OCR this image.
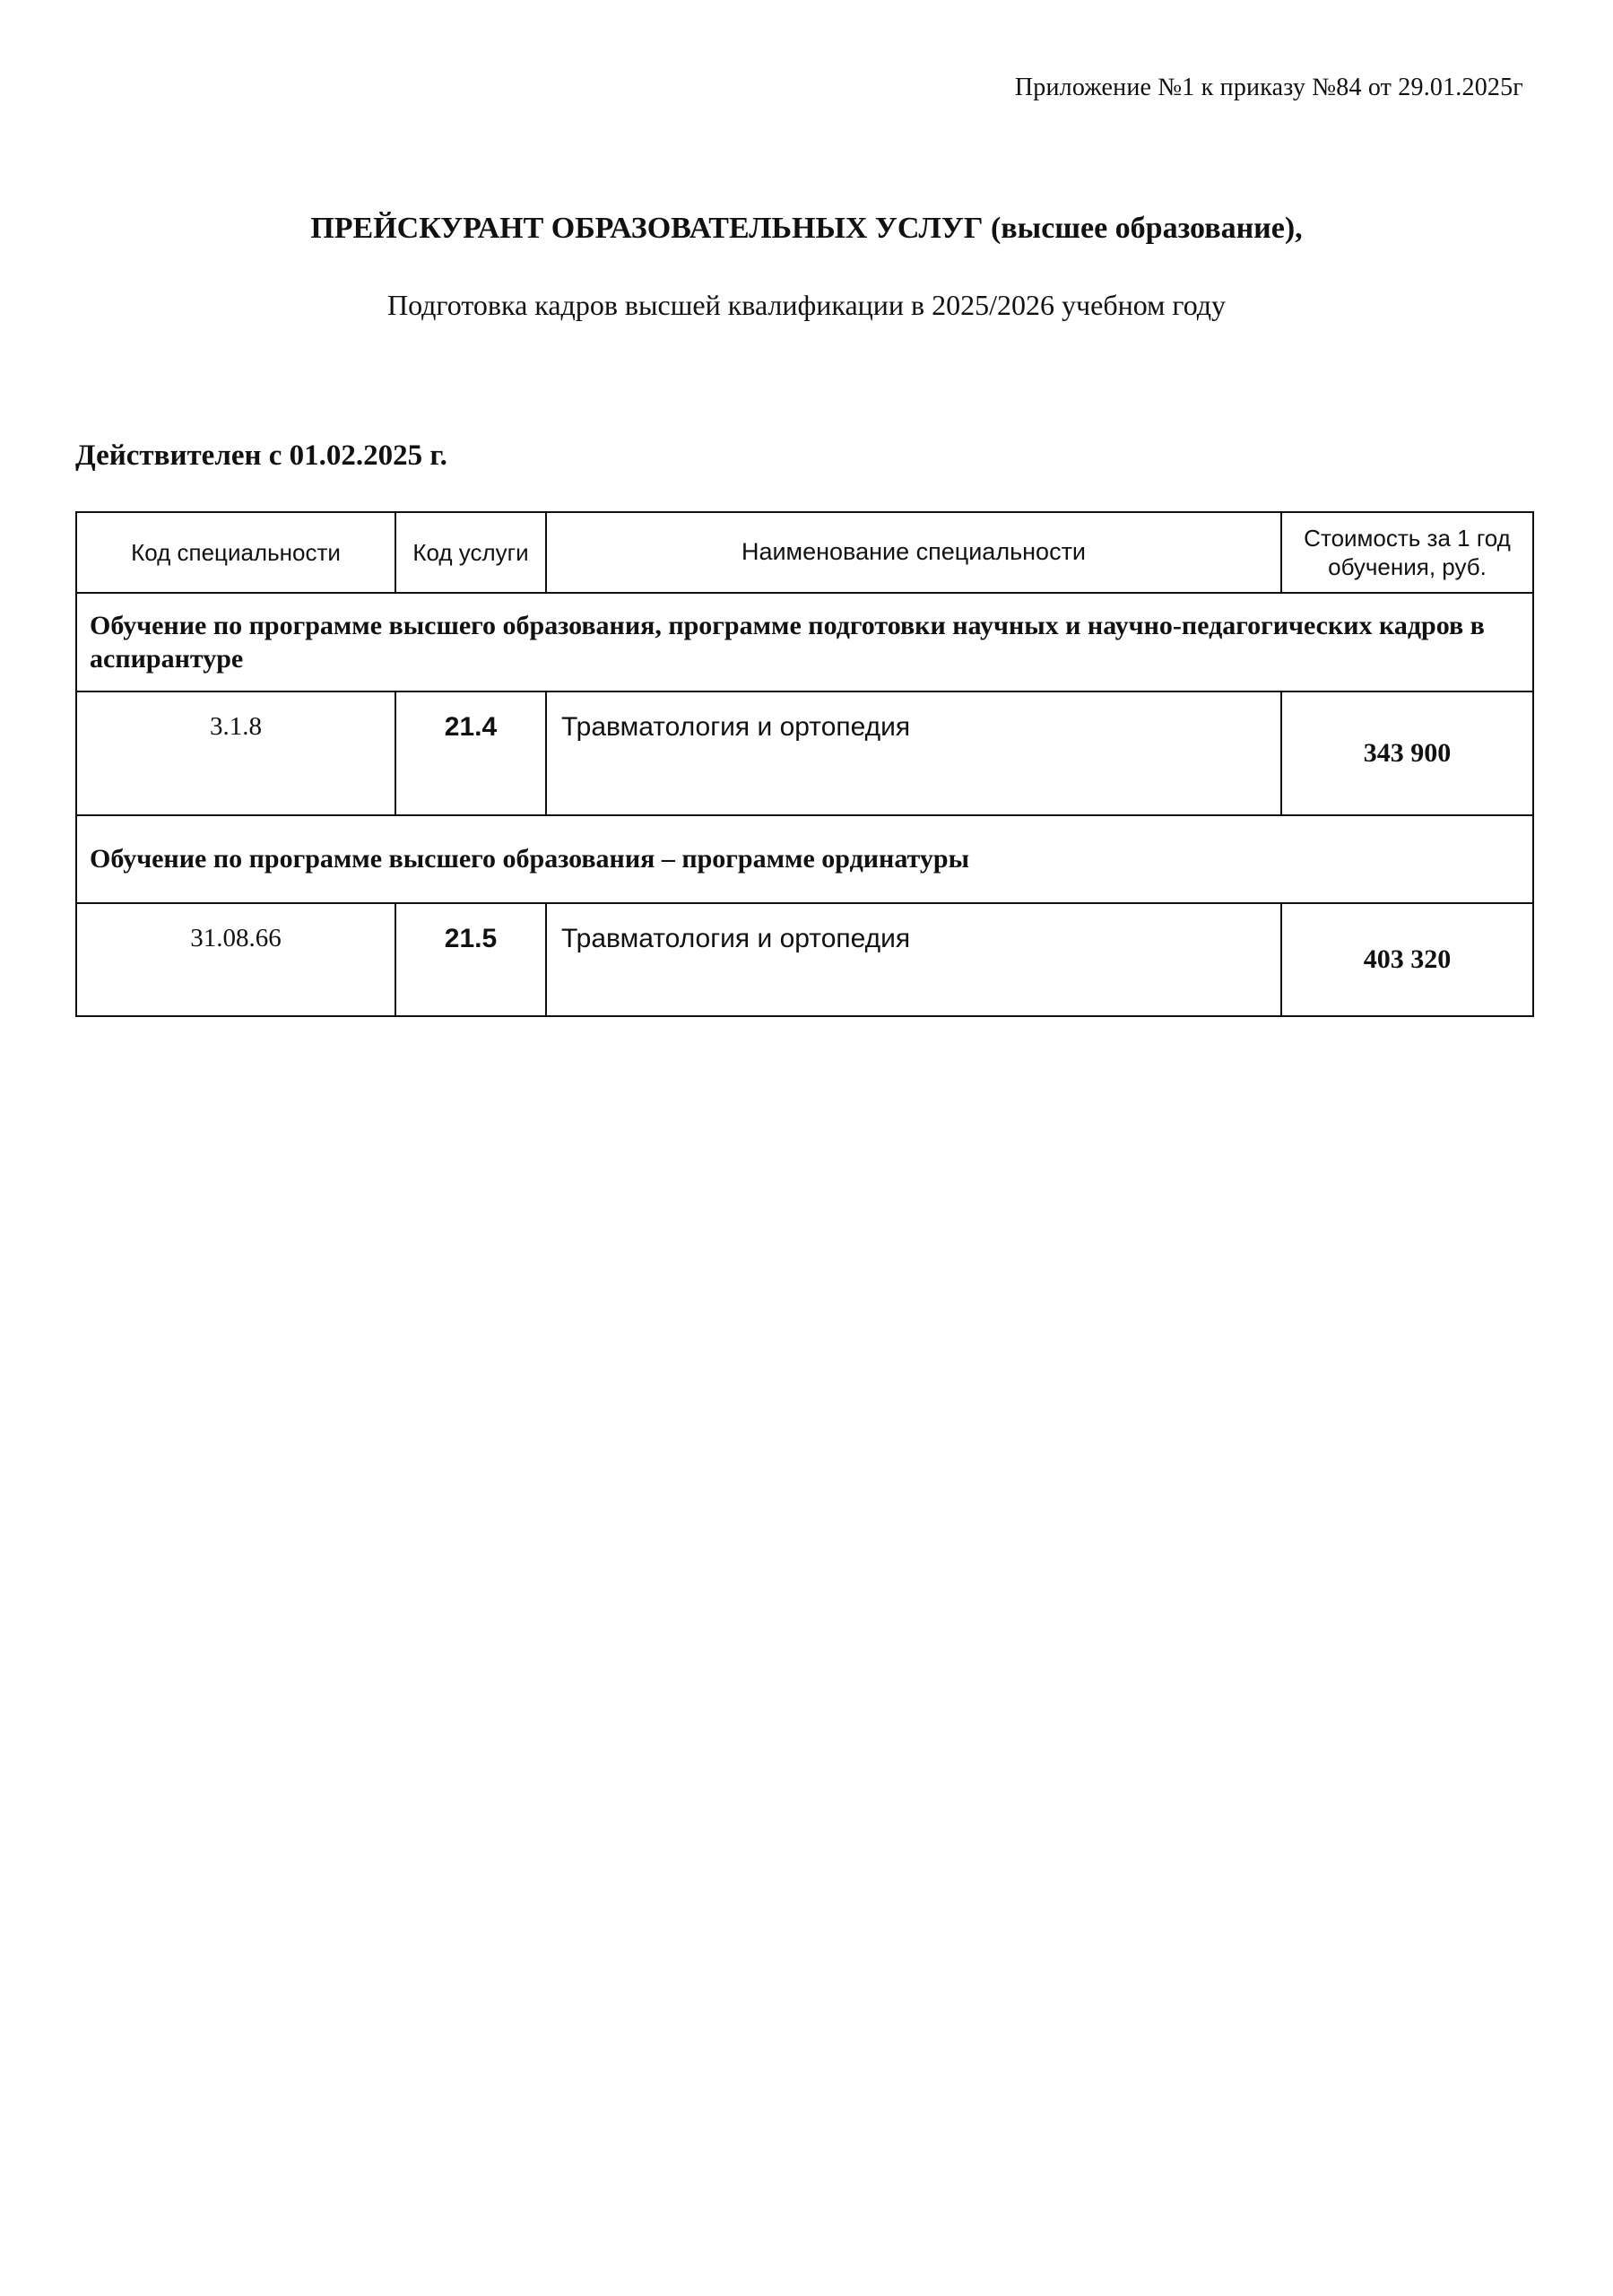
Приложение №1 к приказу №84 от 29.01.2025г
ПРЕЙСКУРАНТ ОБРАЗОВАТЕЛЬНЫХ УСЛУГ (высшее образование),
Подготовка кадров высшей квалификации в 2025/2026 учебном году
Действителен с 01.02.2025 г.
Код специальности	Код услуги	Наименование специальности	Стоимость за 1 год обучения, руб.
Обучение по программе высшего образования, программе подготовки научных и научно-педагогических кадров в аспирантуре			
3.1.8	21.4	Травматология и ортопедия	343 900
Обучение по программе высшего образования – программе ординатуры			
31.08.66	21.5	Травматология и ортопедия	403 320
